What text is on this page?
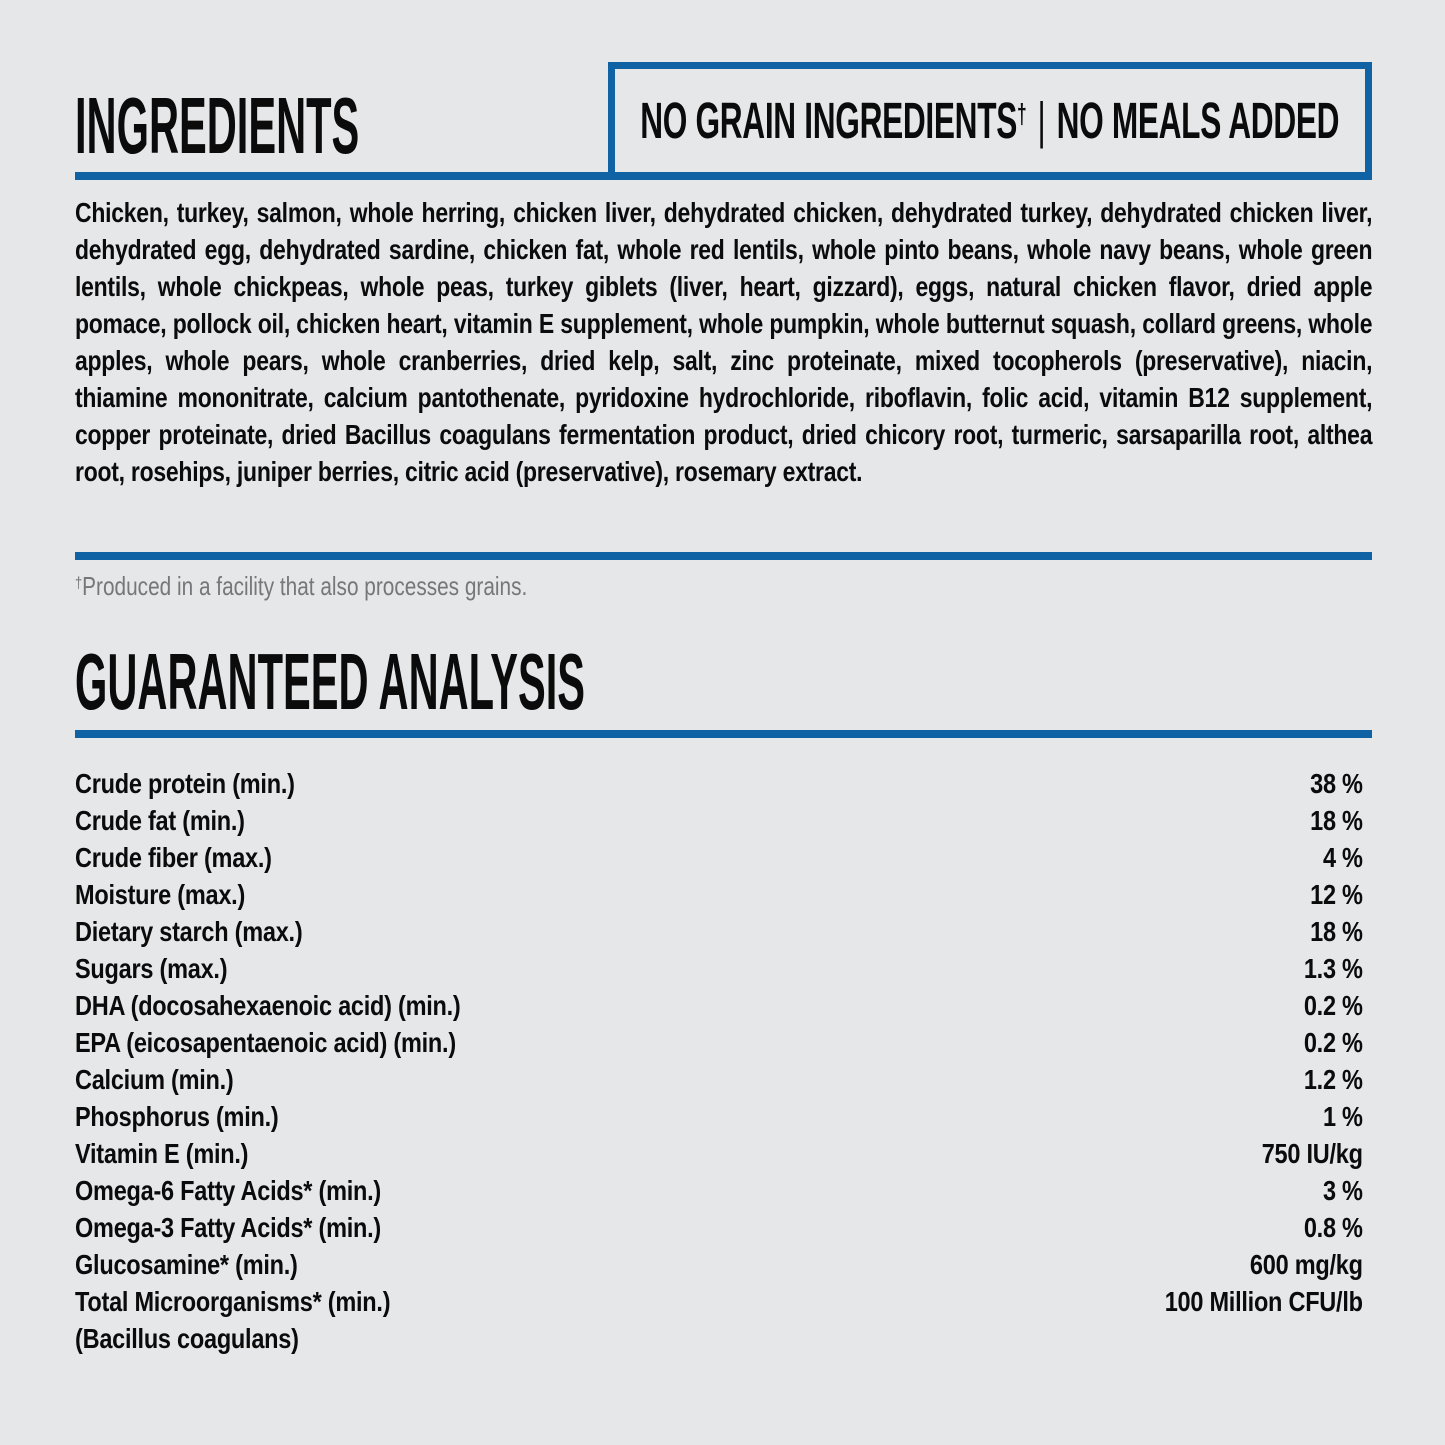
INGREDIENTS	NO GRAIN INGREDIENTS† | NO MEALS ADDED
Chicken, turkey, salmon, whole herring, chicken liver, dehydrated chicken, dehydrated turkey, dehydrated chicken liver, dehydrated egg, dehydrated sardine, chicken fat, whole red lentils, whole pinto beans, whole navy beans, whole green lentils, whole chickpeas, whole peas, turkey giblets (liver, heart, gizzard), eggs, natural chicken flavor, dried apple pomace, pollock oil, chicken heart, vitamin E supplement, whole pumpkin, whole butternut squash, collard greens, whole apples, whole pears, whole cranberries, dried kelp, salt, zinc proteinate, mixed tocopherols (preservative), niacin, thiamine mononitrate, calcium pantothenate, pyridoxine hydrochloride, riboflavin, folic acid, vitamin B12 supplement, copper proteinate, dried Bacillus coagulans fermentation product, dried chicory root, turmeric, sarsaparilla root, althea root, rosehips, juniper berries, citric acid (preservative), rosemary extract.
†Produced in a facility that also processes grains.
GUARANTEED ANALYSIS
Crude protein (min.)	38 %
Crude fat (min.)	18 %
Crude fiber (max.)	4 %
Moisture (max.)	12 %
Dietary starch (max.)	18 %
Sugars (max.)	1.3 %
DHA (docosahexaenoic acid) (min.)	0.2 %
EPA (eicosapentaenoic acid) (min.)	0.2 %
Calcium (min.)	1.2 %
Phosphorus (min.)	1 %
Vitamin E (min.)	750 IU/kg
Omega-6 Fatty Acids* (min.)	3 %
Omega-3 Fatty Acids* (min.)	0.8 %
Glucosamine* (min.)	600 mg/kg
Total Microorganisms* (min.)	100 Million CFU/lb
(Bacillus coagulans)
